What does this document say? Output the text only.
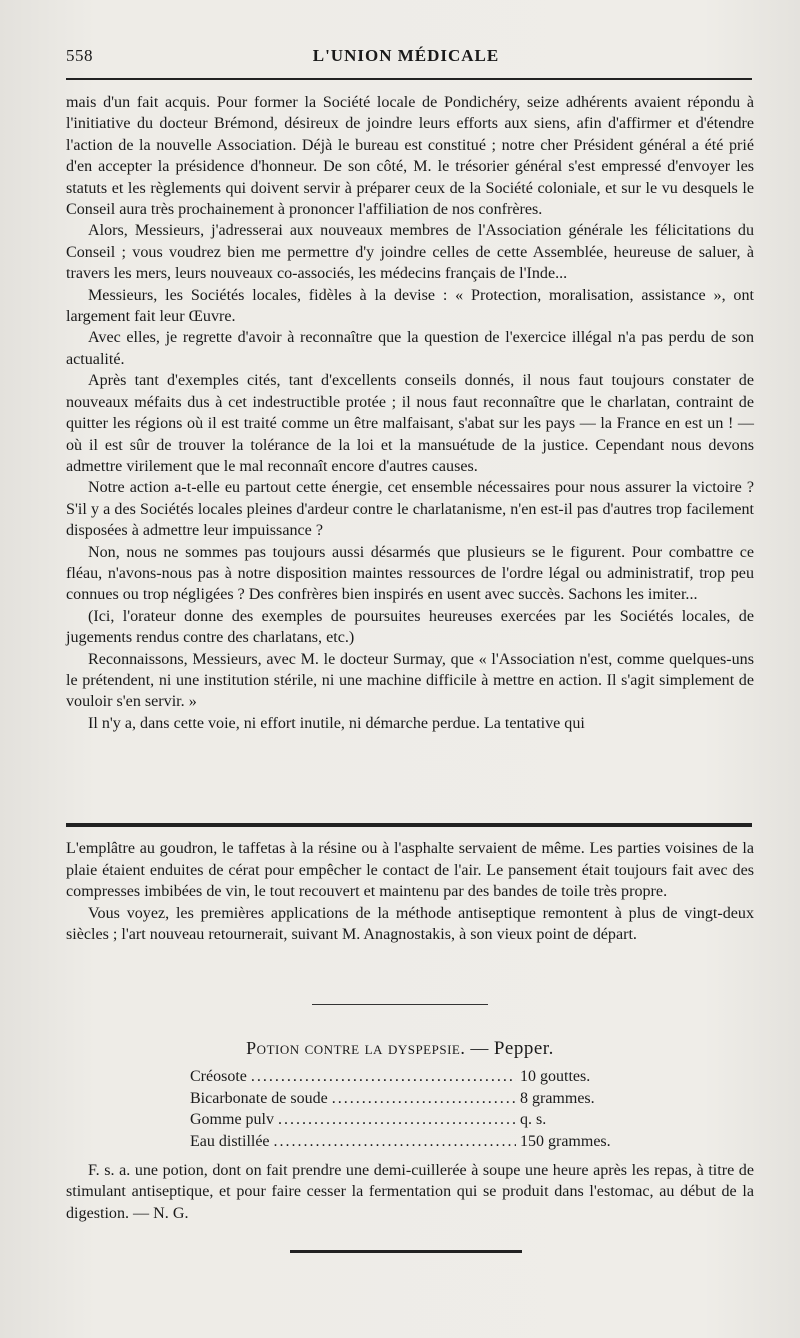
558	L'UNION MÉDICALE

mais d'un fait acquis. Pour former la Société locale de Pondichéry, seize adhérents avaient répondu à l'initiative du docteur Brémond, désireux de joindre leurs efforts aux siens, afin d'affirmer et d'étendre l'action de la nouvelle Association. Déjà le bureau est constitué ; notre cher Président général a été prié d'en accepter la présidence d'honneur. De son côté, M. le trésorier général s'est empressé d'envoyer les statuts et les règlements qui doivent servir à préparer ceux de la Société coloniale, et sur le vu desquels le Conseil aura très prochainement à prononcer l'affiliation de nos confrères.

Alors, Messieurs, j'adresserai aux nouveaux membres de l'Association générale les félicitations du Conseil ; vous voudrez bien me permettre d'y joindre celles de cette Assemblée, heureuse de saluer, à travers les mers, leurs nouveaux co-associés, les médecins français de l'Inde...

Messieurs, les Sociétés locales, fidèles à la devise : « Protection, moralisation, assistance », ont largement fait leur Œuvre.

Avec elles, je regrette d'avoir à reconnaître que la question de l'exercice illégal n'a pas perdu de son actualité.

Après tant d'exemples cités, tant d'excellents conseils donnés, il nous faut toujours constater de nouveaux méfaits dus à cet indestructible protée ; il nous faut reconnaître que le charlatan, contraint de quitter les régions où il est traité comme un être malfaisant, s'abat sur les pays — la France en est un ! — où il est sûr de trouver la tolérance de la loi et la mansuétude de la justice. Cependant nous devons admettre virilement que le mal reconnaît encore d'autres causes.

Notre action a-t-elle eu partout cette énergie, cet ensemble nécessaires pour nous assurer la victoire ? S'il y a des Sociétés locales pleines d'ardeur contre le charlatanisme, n'en est-il pas d'autres trop facilement disposées à admettre leur impuissance ?

Non, nous ne sommes pas toujours aussi désarmés que plusieurs se le figurent. Pour combattre ce fléau, n'avons-nous pas à notre disposition maintes ressources de l'ordre légal ou administratif, trop peu connues ou trop négligées ? Des confrères bien inspirés en usent avec succès. Sachons les imiter...

(Ici, l'orateur donne des exemples de poursuites heureuses exercées par les Sociétés locales, de jugements rendus contre des charlatans, etc.)

Reconnaissons, Messieurs, avec M. le docteur Surmay, que « l'Association n'est, comme quelques-uns le prétendent, ni une institution stérile, ni une machine difficile à mettre en action. Il s'agit simplement de vouloir s'en servir. »

Il n'y a, dans cette voie, ni effort inutile, ni démarche perdue. La tentative qui

L'emplâtre au goudron, le taffetas à la résine ou à l'asphalte servaient de même. Les parties voisines de la plaie étaient enduites de cérat pour empêcher le contact de l'air. Le pansement était toujours fait avec des compresses imbibées de vin, le tout recouvert et maintenu par des bandes de toile très propre.

Vous voyez, les premières applications de la méthode antiseptique remontent à plus de vingt-deux siècles ; l'art nouveau retournerait, suivant M. Anagnostakis, à son vieux point de départ.

Potion contre la dyspepsie. — Pepper.
Créosote .....	10 gouttes.
Bicarbonate de soude .....	8 grammes.
Gomme pulv .....	q. s.
Eau distillée .....	150 grammes.

F. s. a. une potion, dont on fait prendre une demi-cuillerée à soupe une heure après les repas, à titre de stimulant antiseptique, et pour faire cesser la fermentation qui se produit dans l'estomac, au début de la digestion. — N. G.
